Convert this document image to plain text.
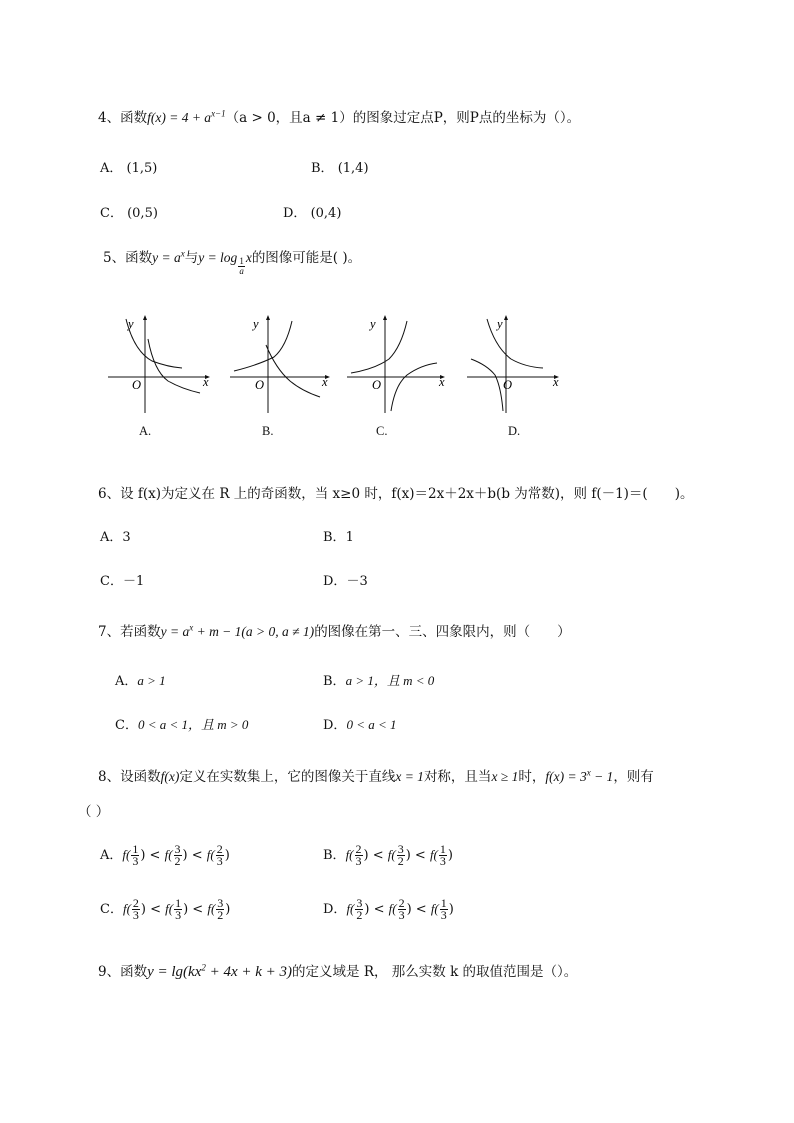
4、函数$f(x) = 4 + a^{x-1}(a > 0$，且a ≠ 1）的图象过定点P，则P点的坐标为（）。
A． (1,5)	B． (1,4)
C． (0,5)	D． (0,4)
5、函数$y = a^x$与$y = \log \frac{1}{a}$ x的图像可能是( )。
y
x
O
A.
y
x
O
B.
y
x
O
C.
y
x
O
D.
6、设 f(x)为定义在 R 上的奇函数，当 x≥0 时，f(x)＝2x＋2x＋b(b 为常数)，则 f(－1)＝(　　)。
A．3	B．1
C．－1	D．－3
7、若函数$y = a^x + m - 1(a > 0$, a ≠ 1)的图像在第一、三、四象限内，则（　　）
A．a > 1	B．a > 1，且 m < 0
C．0 < a < 1，且 m > 0	D．0 < a < 1
8、设函数f(x)定义在实数集上，它的图像关于直线x = 1对称，且当x ≥ 1时，$f(x) = 3^x - 1$，则有
（ ）
A．$f( \frac{1}{3}$ ) < $f( \frac{3}{2}$ ) < $f( \frac{2}{3}$ )	B．$f( \frac{2}{3}$ ) < $f( \frac{3}{2}$ ) < $f( \frac{1}{3}$ )
C．$f( \frac{2}{3}$ ) < $f( \frac{1}{3}$ ) < $f( \frac{3}{2}$ )	D．$f( \frac{3}{2}$ ) < $f( \frac{2}{3}$ ) < $f( \frac{1}{3}$ )
9、函数$y = \lg(kx^2 + 4x + k + 3)$的定义域是 R， 那么实数 k 的取值范围是（）。
